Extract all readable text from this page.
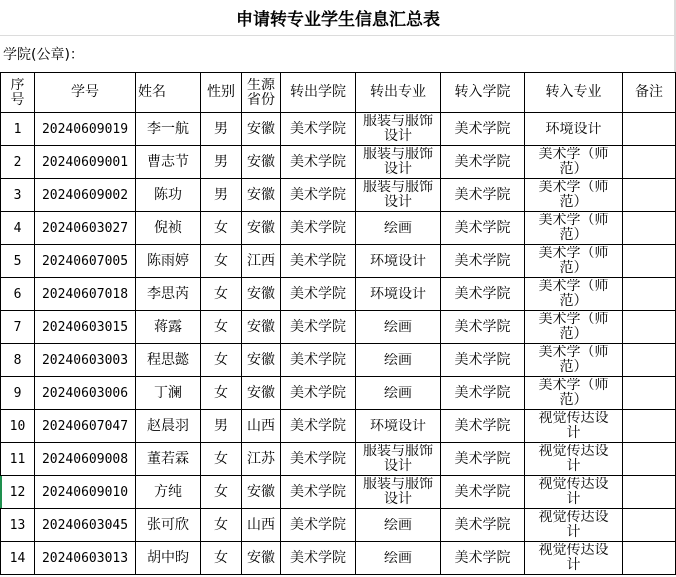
申请转专业学生信息汇总表
学院(公章)：
序号	学号	姓名	性别	生源省份	转出学院	转出专业	转入学院	转入专业	备注
1	20240609019	李一航	男	安徽	美术学院	服装与服饰设计	美术学院	环境设计	

2	20240609001	曹志节	男	安徽	美术学院	服装与服饰设计	美术学院	美术学（师范）	

3	20240609002	陈功	男	安徽	美术学院	服装与服饰设计	美术学院	美术学（师范）	

4	20240603027	倪祯	女	安徽	美术学院	绘画	美术学院	美术学（师范）	

5	20240607005	陈雨婷	女	江西	美术学院	环境设计	美术学院	美术学（师范）	

6	20240607018	李思芮	女	安徽	美术学院	环境设计	美术学院	美术学（师范）	

7	20240603015	蒋露	女	安徽	美术学院	绘画	美术学院	美术学（师范）	

8	20240603003	程思懿	女	安徽	美术学院	绘画	美术学院	美术学（师范）	

9	20240603006	丁澜	女	安徽	美术学院	绘画	美术学院	美术学（师范）	

10	20240607047	赵晨羽	男	山西	美术学院	环境设计	美术学院	视觉传达设计	

11	20240609008	董若霖	女	江苏	美术学院	服装与服饰设计	美术学院	视觉传达设计	

12	20240609010	方纯	女	安徽	美术学院	服装与服饰设计	美术学院	视觉传达设计	

13	20240603045	张可欣	女	山西	美术学院	绘画	美术学院	视觉传达设计	

14	20240603013	胡中昀	女	安徽	美术学院	绘画	美术学院	视觉传达设计	
